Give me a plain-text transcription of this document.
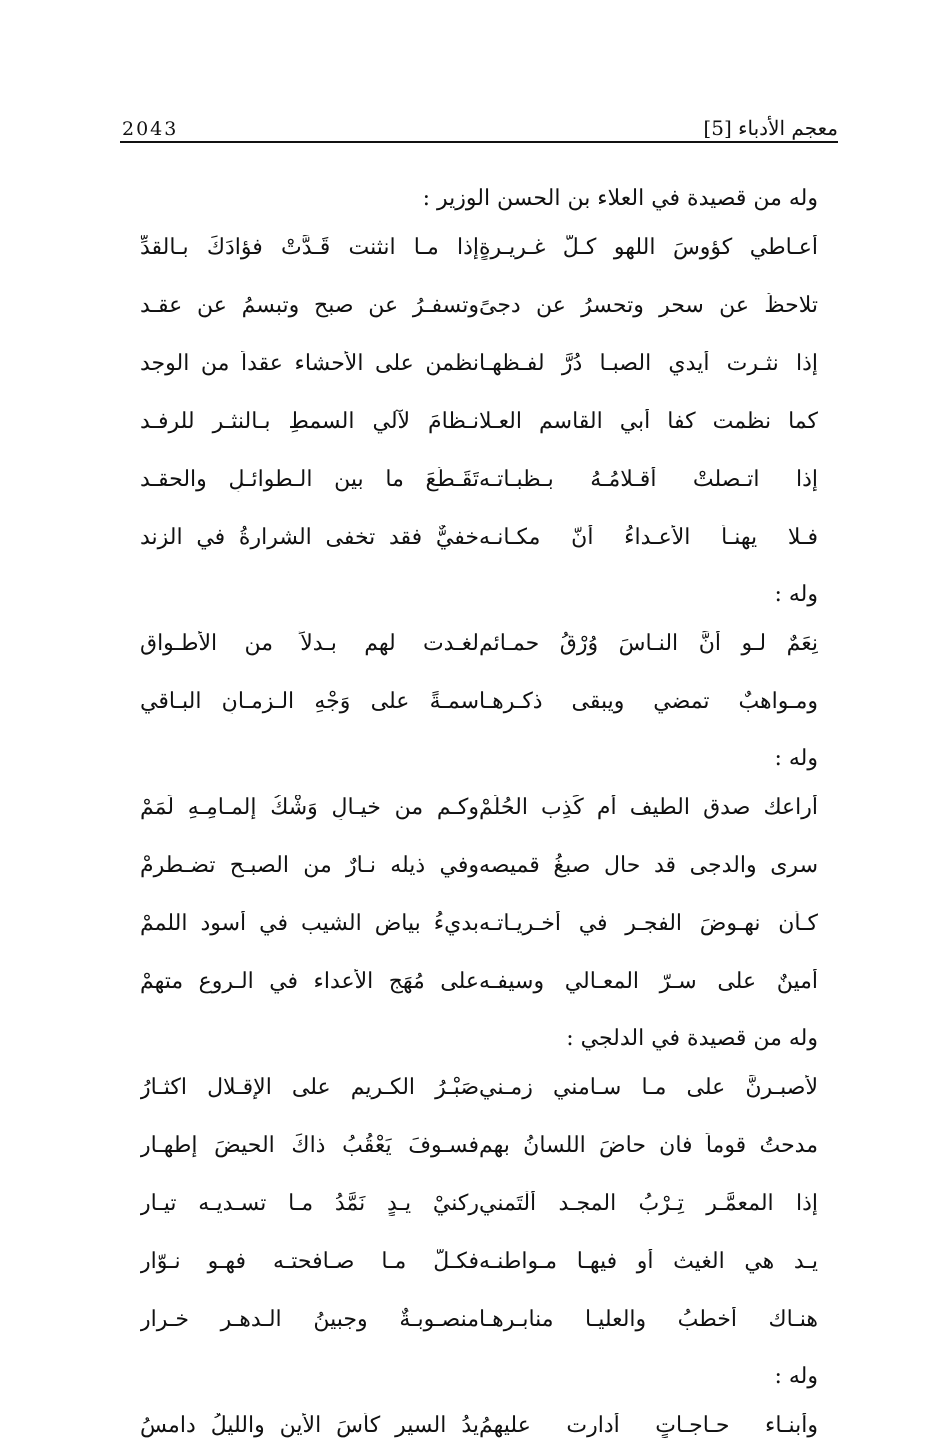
معجم الأدباء [5]
2043
وله من قصيدة في العلاء بن الحسن الوزير :
أعـاطي كؤوسَ اللهو كـلَّ غـريـرةٍ
إذا مـا انثنت قَـدَّتْ فؤادَكَ بـالقدِّ
تلاحظُ عن سحرٍ وتحسرُ عن دجىً
وتسفـرُ عن صبح وتبسمُ عن عقـد
إذا نثـرت أيدي الصبـا دُرَّ لفـظهـا
نظمن على الأحشاء عقداً من الوجد
كما نظمت كفا أبي القاسم العـلا
نـظامَ لآلي السمطِ بـالنثـر للرفـد
إذا اتـصلتْ أقـلامُـهُ بـظبـاتـه
تَقَـطَّعَ ما بين الـطوائـلِ والحقـد
فـلا يهنـأ الأعـداءُ أنّ مكـانـه
خفيٌّ فقد تخفى الشرارةُ في الزند
وله :
نِعَمٌ لـو أنَّ النـاسَ وُرْقُ حمـائمٍ
لغـدت لهم بـدلاً من الأطـواقِ
ومـواهبٌ تمضي ويبقى ذكـرهـا
سمـةً على وَجْهِ الـزمـانِ البـاقي
وله :
أراعك صدق الطيف أم كَذِب الحُلُمْ
وكـم من خيـالٍ وَشْكُ إلمـامِـهِ لَمَمْ
سرى والدجى قد حال صبغُ قميصه
وفي ذيله نـارٌ من الصبـح تضـطرمْ
كـأن نهـوضَ الفجـرِ في أخـريـاتـه
بديءُ بياضِ الشيب في أسود اللممْ
أمينٌ على سـرّ المعـالي وسيفـه
على مُهَجِ الأعداء في الـروع متهمْ
وله من قصيدة في الدلجي :
لأصبـرنَّ على مـا سـامني زمـني
صَبْـرُ الكـريم على الإقـلال اكثـارُ
مدحتُ قوماً فان حاضَ اللسانُ بهم
فسـوفَ يَعْقُبُ ذاكَ الحيضَ إطهـار
إذا المعمَّـر تِـرْبُ المجـد ألْتَمني
ركنيْ يـدٍ نَمَّدُ مـا تسـديـه تيـار
يـد هي الغيث أو فيهـا مـواطنـه
فكـلّ مـا صـافحتـه فهـو نـوّار
هنـاك أخطبُ والعليـا منابـرهـا
منصـوبـةٌ وجبينُ الـدهـرِ خـرار
وله :
وأبنـاء حـاجـاتٍ أدارت عليهمُ
يدُ السير كأسَ الأين والليلُ دامسُ
